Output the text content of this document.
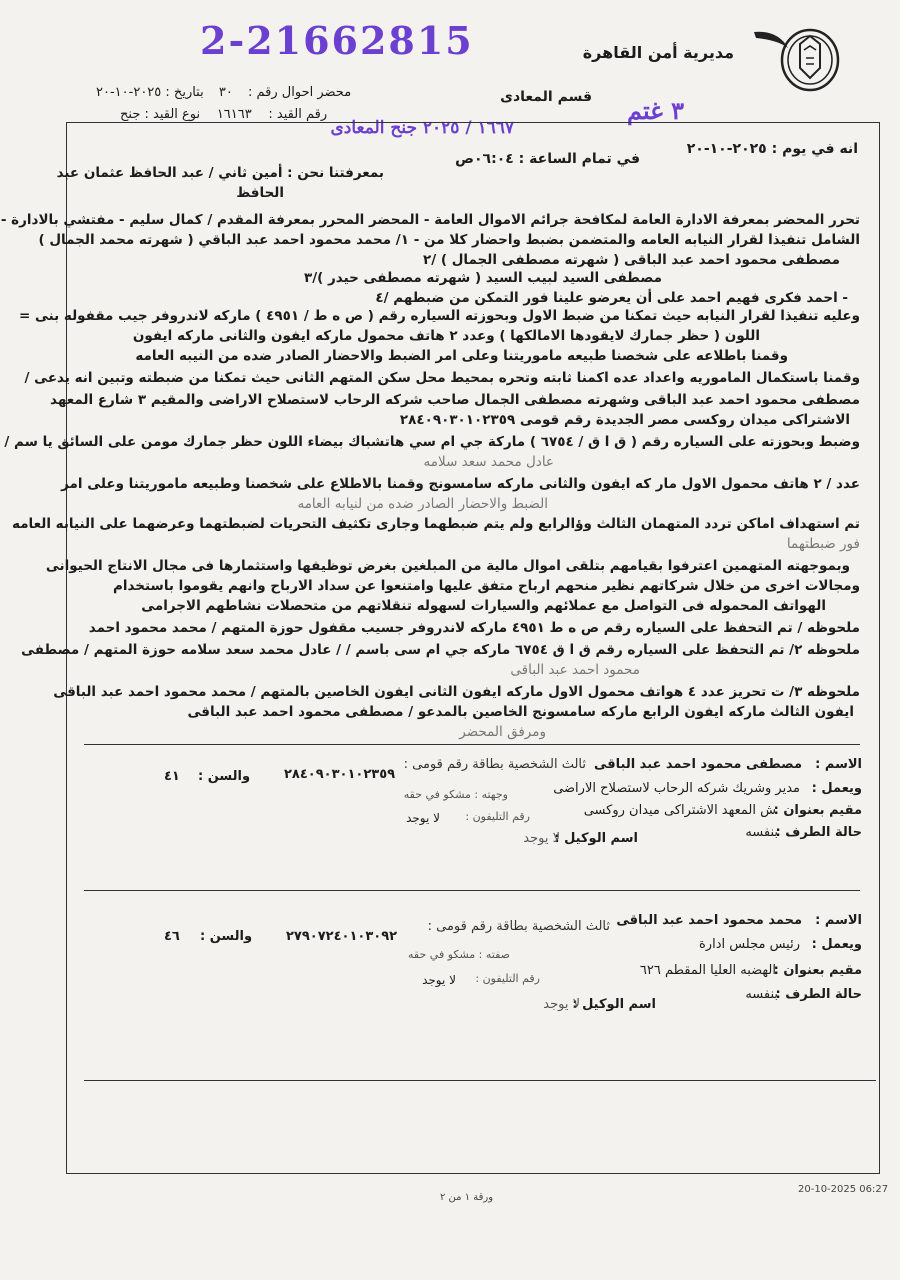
2-21662815	مديرية أمن القاهرة
قسم المعادى
محضر احوال رقم : ٣٠ بتاريخ : ٢٠٢٥-١٠-٢٠
رقم القيد : ١٦١٦٣ نوع القيد : جنح	٣ غتم
١٦٦٧ / ٢٠٢٥ جنح المعادى
انه في يوم : ٢٠٢٥-١٠-٢٠
في تمام الساعة : ٠٦:٠٤ص
بمعرفتنا نحن : أمين ثاني / عبد الحافظ عثمان عبد
الحافظ
تحرر المحضر بمعرفة الادارة العامة لمكافحة جرائم الاموال العامة - المحضر المحرر بمعرفة المقدم / كمال سليم - مفتشي بالادارة -
الشامل تنفيذا لقرار النيابه العامه والمتضمن بضبط واحضار كلا من - ١/ محمد محمود احمد عبد الباقي ( شهرته محمد الجمال )
مصطفى محمود احمد عبد الباقى ( شهرته مصطفى الجمال ) /٢
مصطفى السيد لبيب السيد ( شهرته مصطفى حيدر )/٣
- احمد فكرى فهيم احمد على أن يعرضو علينا فور التمكن من ضبطهم /٤
وعليه تنفيذا لقرار النيابه حيث تمكنا من ضبط الاول وبحوزته السياره رقم ( ص ه ط / ٤٩٥١ ) ماركه لاندروفر جيب مقفوله بنى =
اللون ( حظر جمارك لايقودها الامالكها ) وعدد ٢ هاتف محمول ماركه ايفون والثانى ماركه ايفون
وقمنا باطلاعه على شخصنا طبيعه ماموريتنا وعلى امر الضبط والاحضار الصادر ضده من النيبه العامه
وقمنا باستكمال الماموريه واعداد عده اكمنا ثابته وتحره بمحيط محل سكن المتهم الثانى حيث تمكنا من ضبطته وتبين انه يدعى /
مصطفى محمود احمد عبد الباقى وشهرته مصطفى الجمال صاحب شركه الرحاب لاستصلاح الاراضى والمقيم ٣ شارع المعهد
الاشتراكى ميدان روكسى مصر الجديدة رقم قومى ٢٨٤٠٩٠٣٠١٠٢٣٥٩
وضبط وبحوزته على السياره رقم ( ق ا ق / ٦٧٥٤ ) ماركة جي ام سي هاتشباك بيضاء اللون حظر جمارك مومن على السائق يا سم /
عادل محمد سعد سلامه
عدد / ٢ هاتف محمول الاول مار كه ايفون والثانى ماركه سامسونج وقمنا بالاطلاع على شخصنا وطبيعه ماموريتنا وعلى امر
الضبط والاحضار الصادر ضده من لنيابه العامه
تم استهداف اماكن تردد المتهمان الثالث وؤالرابع ولم يتم ضبطهما وجارى تكثيف التحريات لضبطتهما وعرضهما على النيابه العامه
فور ضبطتهما
وبموجهته المتهمين اعترفوا بقيامهم بتلقى اموال مالية من المبلغين بغرض توظيفها واستثمارها فى مجال الانتاج الحيوانى
ومجالات اخرى من خلال شركاتهم نظير منحهم ارباح متفق عليها وامتنعوا عن سداد الارباح وانهم يقوموا باستخدام
الهواتف المحموله فى التواصل مع عملائهم والسيارات لسهوله تنقلاتهم من متحصلات نشاطهم الاجرامى
ملحوظه / تم التحفظ على السياره رقم ص ه ط ٤٩٥١ ماركه لاندروفر جسيب مقفول حوزة المتهم / محمد محمود احمد
ملحوظه ٢/ تم التحفظ على السياره رقم ق ا ق ٦٧٥٤ ماركه جي ام سى باسم / / عادل محمد سعد سلامه حوزة المتهم / مصطفى
محمود احمد عبد الباقى
ملحوظه ٣/ ت تحريز عدد ٤ هواتف محمول الاول ماركه ايفون الثانى ايفون الخاصين بالمتهم / محمد محمود احمد عبد الباقى
ايفون الثالث ماركه ايفون الرابع ماركه سامسونج الخاصين بالمدعو / مصطفى محمود احمد عبد الباقى
ومرفق المحضر
الاسم :
مصطفى محمود احمد عبد الباقى
ثالث الشخصية بطاقة رقم قومى :
٢٨٤٠٩٠٣٠١٠٢٣٥٩
والسن :
٤١
ويعمل :
مدير وشريك شركه الرحاب لاستصلاح الاراضى
وجهته : مشكو في حقه
مقيم بعنوان :
ش المعهد الاشتراكى ميدان روكسى
رقم التليفون :
لا يوجد
حالة الطرف :
بنفسه
اسم الوكيل :
لا يوجد
الاسم :
محمد محمود احمد عبد الباقى
ثالث الشخصية بطاقة رقم قومى :
٢٧٩٠٧٢٤٠١٠٣٠٩٢
والسن :
٤٦
ويعمل :
رئيس مجلس ادارة
صفته : مشكو في حقه
مقيم بعنوان :
الهضبه العليا المقطم ٦٢٦
رقم التليفون :
لا يوجد
حالة الطرف :
بنفسه
اسم الوكيل :
لا يوجد
ورقة ١ من ٢
20-10-2025 06:27
